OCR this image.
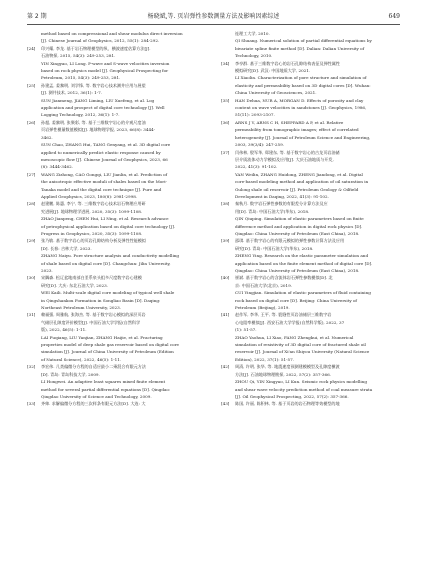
第 2 期	杨晓斌,等. 页岩弹性参数测量方法及影响因素综述	649
method based on compressional and shear modulus direct inversion
[J]. Chinese Journal of Geophysics, 2012, 55(1): 284-292.
[24] 印兴耀, 李龙. 基于岩石物理模型的纵、横波速度估算方法[J].
石油物探, 2015, 54(3): 249-253, 281.
YIN Xingyao, LI Long. P-wave and S-wave velocities inversion
based on rock physics model [J]. Geophysical Prospecting for
Petroleum, 2015, 54(3): 249-253, 281.
[25] 孙建孟, 姜黎明, 刘学锋, 等. 数字岩心技术测井应用与展望
[J]. 测井技术, 2012, 36(1): 1-7.
SUN Jianmeng, JIANG Liming, LIU Xuefeng, et al. Log
application and prospect of digital core technology [J]. Well
Logging Technology, 2012, 36(1): 1-7.
[26] 孙超, 姜黎明, 张聚彩, 等. 基于三维数字岩心的介观尺度油
页岩弹性模量数值模拟[J]. 地球物理学报, 2023, 66(8): 3444-
3462.
SUN Chao, ZHANG Hui, TANG Genyang, et al. 3D digital core
applied to numerically predict elastic response caused by
mesoscopic flow [J]. Chinese Journal of Geophysics, 2023, 66
(8): 3444-3462.
[27] WANG Zizhong, CAO Gongqi, LIU Jianlin, et al. Prediction of
the anisotropic effective moduli of shales based on the Mori-
Tanaka model and the digital core technique [J]. Pure and
Applied Geophysics, 2023, 180(8): 2981-2998.
[28] 赵建鹏, 陈惠, 李宁, 等. 三维数字岩心技术岩石物理应用研
究进展[J]. 地球物理学进展, 2020, 35(3): 1099-1108.
ZHAO Jianpeng, CHEN Hui, LI Ning, et al. Research advance
of petrophysical application based on digital core technology [J].
Progress in Geophysics, 2020, 35(3): 1099-1108.
[29] 张乃敏. 基于数字岩心的页岩孔隙结构分析及弹性性能模拟
[D]. 长春: 吉林大学, 2023.
ZHANG Naiyu. Pore structure analysis and conductivity modelling
of shale based on digital core [D]. Changchun: Jilin University,
2023.
[30] 宋隅森. 松辽盆地南部白垩系泉头组多尺度数字岩心建模
研究[D]. 大庆: 东北石油大学, 2023.
WEI Kaili. Multi-scale digital core modeling of typical well shale
in Qingshankou Formation in Songliao Basin [D]. Daqing:
Northeast Petroleum University, 2023.
[31] 赖福强, 周雅航, 张海杰, 等. 基于数字岩心模拟的深层页岩
气储层孔隙度评价模型[J]. 中国石油大学学报(自然科学
版), 2022, 46(5): 1-11.
LAI Fuqiang, LIU Yanjian, ZHANG Haijie, et al. Fracturing
properties model of deep shale gas reservoir based on digital core
simulation [J]. Journal of China University of Petroleum (Edition
of Natural Science), 2022, 46(5): 1-11.
[32] 李宏伟. 几类偏微分方程的自适应最小二乘混合有限元方法
[D]. 青岛: 青岛科技大学, 2009.
LI Hongwei. An adaptive least squares mixed finite element
method for several partial differential equations [D]. Qingdao:
Qingdao University of Science and Technology, 2009.
[33] 齐帅. 求解偏微分方程的三次样条有限元方法[D]. 大连: 大
连理工大学, 2010.
QI Shuang. Numerical solution of partial differential equations by
bivariate spline finite method [D]. Dalian: Dalian University of
Technology, 2010.
[34] 李亭群. 基于三维数字岩心的岩石孔隙结构表征及弹性属性
模拟研究[D]. 武汉: 中国地质大学, 2021.
LI Xiaolin. Characterization of pore structure and simulation of
elasticity and permeability based on 3D digital cores [D]. Wuhan:
China University of Geosciences, 2021.
[35] HAN Dehua, NUR A, MORGAN D. Effects of porosity and clay
content on wave velocities in sandstones [J]. Geophysics, 1986,
51(11): 2093-2107.
[36] ARNS J Y, ARNS C H, SHEPPARD A P, et al. Relative
permeability from tomographic images; effect of correlated
heterogeneity [J]. Journal of Petroleum Science and Engineering,
2003, 39(3/4): 247-259.
[37] 闫伟林, 殷军华, 郑建东, 等. 基于数字岩心的古龙页岩油储
层介质流体动力学模拟及应用[J]. 大庆石油地质与开发,
2022, 41(3): 91-102.
YAN Weilin, ZHANG Huidong, ZHENG Jiandong, et al. Digital
core-based modeling method and application of oil saturation in
Gulong shale oil reservoir [J]. Petroleum Geology & Oilfield
Development in Daqing, 2022, 41(3): 91-102.
[38] 秦秋月. 数字岩石弹性参数的有限差分计算方法及应
用[D]. 青岛: 中国石油大学(华东), 2018.
QIN Qiuping. Simulation of elastic parameters based on finite
difference method and application in digital rock physics [D].
Qingdao: China University of Petroleum (East China), 2018.
[39] 邵琪. 基于数字岩心的有限元模拟的弹性参数计算方法及应用
研究[D]. 青岛: 中国石油大学(华东), 2018.
ZHENG Ying. Research on the elastic parameter simulation and
application based on the finite element method of digital core [D].
Qingdao: China University of Petroleum (East China), 2018.
[40] 崔斌. 基于数字岩心的含流体岩石弹性参数模拟[D]. 北
京: 中国石油大学(北京), 2019.
CUI Yingjian. Simulation of elastic parameters of fluid containing
rock based on digital core [D]. Beijing: China University of
Petroleum (Beijing), 2019.
[41] 赵作军, 李华, 王平, 等. 裂缝性页岩油储层三维数字岩
心电阻率模拟[J]. 西安石油大学学报(自然科学版), 2022, 37
(1): 51-57.
ZHAO Yaohua, LI Xiao, FANG Zhengkui, et al. Numerical
simulation of resistivity of 3D digital core of fractured shale oil
reservoir [J]. Journal of Xi'an Shiyou University (Natural Science
Edition), 2022, 37(1): 51-57.
[42] 周清, 许明, 张华, 等. 地震速度预测建模模型及孔隙度横波
方法[J]. 石油地球物理勘探, 2022, 57(2): 357-366.
ZHOU Qi, YIN Xingyao, LI Kun. Seismic rock physics modelling
and shear wave velocity prediction method of coal measure strata
[J]. Oil Geophysical Prospecting, 2022, 57(2): 357-366.
[43] 陈国, 许丽, 陈积林, 等. 基于页岩的岩石物理等效模型的地
